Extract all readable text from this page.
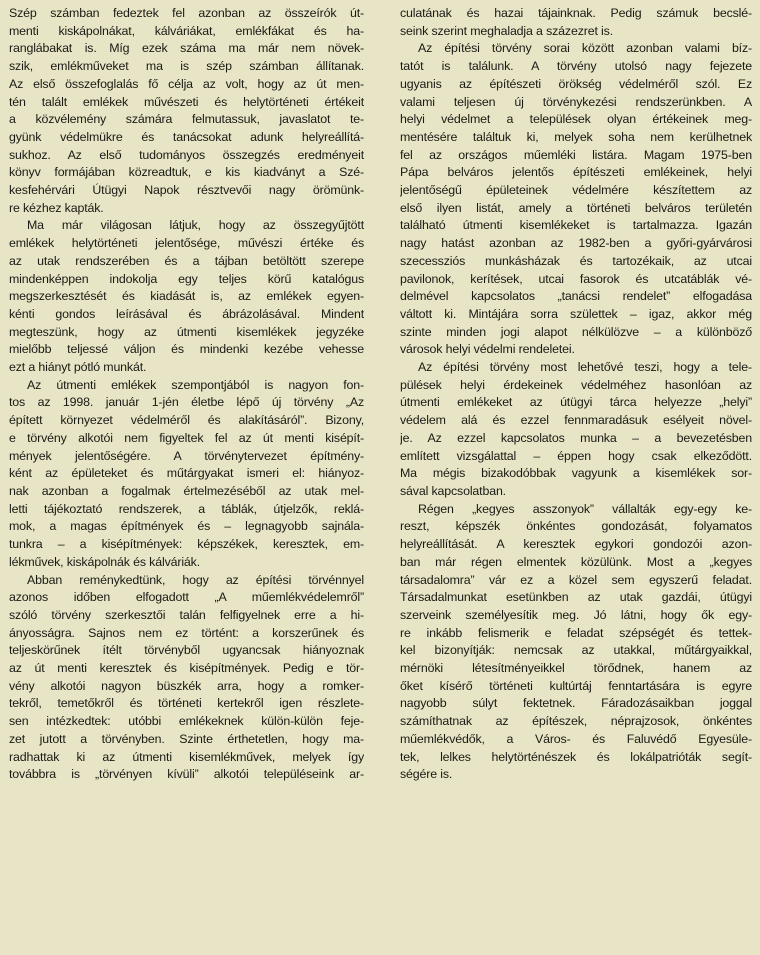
Szép számban fedeztek fel azonban az összeírók út-
menti kiskápolnákat, kálváriákat, emlékfákat és ha-
ranglábakat is. Míg ezek száma ma már nem növek-
szik, emlékműveket ma is szép számban állítanak.
Az első összefoglalás fő célja az volt, hogy az út men-
tén talált emlékek művészeti és helytörténeti értékeit
a közvélemény számára felmutassuk, javaslatot te-
gyünk védelmükre és tanácsokat adunk helyreállítá-
sukhoz. Az első tudományos összegzés eredményeit
könyv formájában közreadtuk, e kis kiadványt a Szé-
kesfehérvári Útügyi Napok résztvevői nagy örömünk-
re kézhez kapták.
Ma már világosan látjuk, hogy az összegyűjtött
emlékek helytörténeti jelentősége, művészi értéke és
az utak rendszerében és a tájban betöltött szerepe
mindenképpen indokolja egy teljes körű katalógus
megszerkesztését és kiadását is, az emlékek egyen-
kénti gondos leírásával és ábrázolásával. Mindent
megteszünk, hogy az útmenti kisemlékek jegyzéke
mielőbb teljessé váljon és mindenki kezébe vehesse
ezt a hiányt pótló munkát.
Az útmenti emlékek szempontjából is nagyon fon-
tos az 1998. január 1-jén életbe lépő új törvény „Az
épített környezet védelméről és alakításáról”. Bizony,
e törvény alkotói nem figyeltek fel az út menti kisépít-
mények jelentőségére. A törvénytervezet építmény-
ként az épületeket és műtárgyakat ismeri el: hiányoz-
nak azonban a fogalmak értelmezéséből az utak mel-
letti tájékoztató rendszerek, a táblák, útjelzők, reklá-
mok, a magas építmények és – legnagyobb sajnála-
tunkra – a kisépítmények: képszékek, keresztek, em-
lékművek, kiskápolnák és kálváriák.
Abban reménykedtünk, hogy az építési törvénnyel
azonos időben elfogadott „A műemlékvédelemről”
szóló törvény szerkesztői talán felfigyelnek erre a hi-
ányosságra. Sajnos nem ez történt: a korszerűnek és
teljeskörűnek ítélt törvényből ugyancsak hiányoznak
az út menti keresztek és kisépítmények. Pedig e tör-
vény alkotói nagyon büszkék arra, hogy a romker-
tekről, temetőkről és történeti kertekről igen részlete-
sen intézkedtek: utóbbi emlékeknek külön-külön feje-
zet jutott a törvényben. Szinte érthetetlen, hogy ma-
radhattak ki az útmenti kisemlékművek, melyek így
továbbra is „törvényen kívüli” alkotói településeink ar-
culatának és hazai tájainknak. Pedig számuk becslé-
seink szerint meghaladja a százezret is.
Az építési törvény sorai között azonban valami bíz-
tatót is találunk. A törvény utolsó nagy fejezete
ugyanis az építészeti örökség védelméről szól. Ez
valami teljesen új törvénykezési rendszerünkben. A
helyi védelmet a települések olyan értékeinek meg-
mentésére találtuk ki, melyek soha nem kerülhetnek
fel az országos műemléki listára. Magam 1975-ben
Pápa belváros jelentős építészeti emlékeinek, helyi
jelentőségű épületeinek védelmére készítettem az
első ilyen listát, amely a történeti belváros területén
található útmenti kisemlékeket is tartalmazza. Igazán
nagy hatást azonban az 1982-ben a győri-gyárvárosi
szecessziós munkásházak és tartozékaik, az utcai
pavilonok, kerítések, utcai fasorok és utcatáblák vé-
delmével kapcsolatos „tanácsi rendelet” elfogadása
váltott ki. Mintájára sorra születtek – igaz, akkor még
szinte minden jogi alapot nélkülözve – a különböző
városok helyi védelmi rendeletei.
Az építési törvény most lehetővé teszi, hogy a tele-
pülések helyi érdekeinek védelméhez hasonlóan az
útmenti emlékeket az útügyi tárca helyezze „helyi”
védelem alá és ezzel fennmaradásuk esélyeit növel-
je. Az ezzel kapcsolatos munka – a bevezetésben
említett vizsgálattal – éppen hogy csak elkeződött.
Ma mégis bizakodóbbak vagyunk a kisemlékek sor-
sával kapcsolatban.
Régen „kegyes asszonyok” vállalták egy-egy ke-
reszt, képszék önkéntes gondozását, folyamatos
helyreállítását. A keresztek egykori gondozói azon-
ban már régen elmentek közülünk. Most a „kegyes
társadalomra” vár ez a közel sem egyszerű feladat.
Társadalmunkat esetünkben az utak gazdái, útügyi
szerveink személyesítik meg. Jó látni, hogy ők egy-
re inkább felismerik e feladat szépségét és tettek-
kel bizonyítják: nemcsak az utakkal, műtárgyaikkal,
mérnöki létesítményeikkel törődnek, hanem az
őket kísérő történeti kultúrtáj fenntartására is egyre
nagyobb súlyt fektetnek. Fáradozásaikban joggal
számíthatnak az építészek, néprajzosok, önkéntes
műemlékvédők, a Város- és Faluvédő Egyesüle-
tek, lelkes helytörténészek és lokálpatrióták segít-
ségére is.
